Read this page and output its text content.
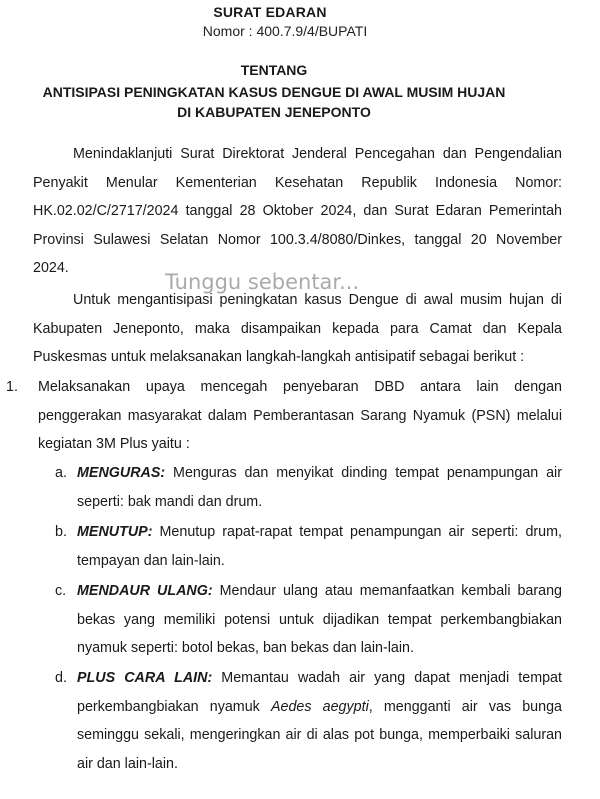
SURAT EDARAN
Nomor : 400.7.9/4/BUPATI
TENTANG
ANTISIPASI PENINGKATAN KASUS DENGUE DI AWAL MUSIM HUJAN
DI KABUPATEN JENEPONTO
Menindaklanjuti Surat Direktorat Jenderal Pencegahan dan Pengendalian Penyakit Menular Kementerian Kesehatan Republik Indonesia Nomor: HK.02.02/C/2717/2024 tanggal 28 Oktober 2024, dan Surat Edaran Pemerintah Provinsi Sulawesi Selatan Nomor 100.3.4/8080/Dinkes, tanggal 20 November 2024.
Untuk mengantisipasi peningkatan kasus Dengue di awal musim hujan di Kabupaten Jeneponto, maka disampaikan kepada para Camat dan Kepala Puskesmas untuk melaksanakan langkah-langkah antisipatif sebagai berikut :
1. Melaksanakan upaya mencegah penyebaran DBD antara lain dengan penggerakan masyarakat dalam Pemberantasan Sarang Nyamuk (PSN) melalui kegiatan 3M Plus yaitu :
a. MENGURAS: Menguras dan menyikat dinding tempat penampungan air seperti: bak mandi dan drum.
b. MENUTUP: Menutup rapat-rapat tempat penampungan air seperti: drum, tempayan dan lain-lain.
c. MENDAUR ULANG: Mendaur ulang atau memanfaatkan kembali barang bekas yang memiliki potensi untuk dijadikan tempat perkembangbiakan nyamuk seperti: botol bekas, ban bekas dan lain-lain.
d. PLUS CARA LAIN: Memantau wadah air yang dapat menjadi tempat perkembangbiakan nyamuk Aedes aegypti, mengganti air vas bunga seminggu sekali, mengeringkan air di alas pot bunga, memperbaiki saluran air dan lain-lain.
Tunggu sebentar...
